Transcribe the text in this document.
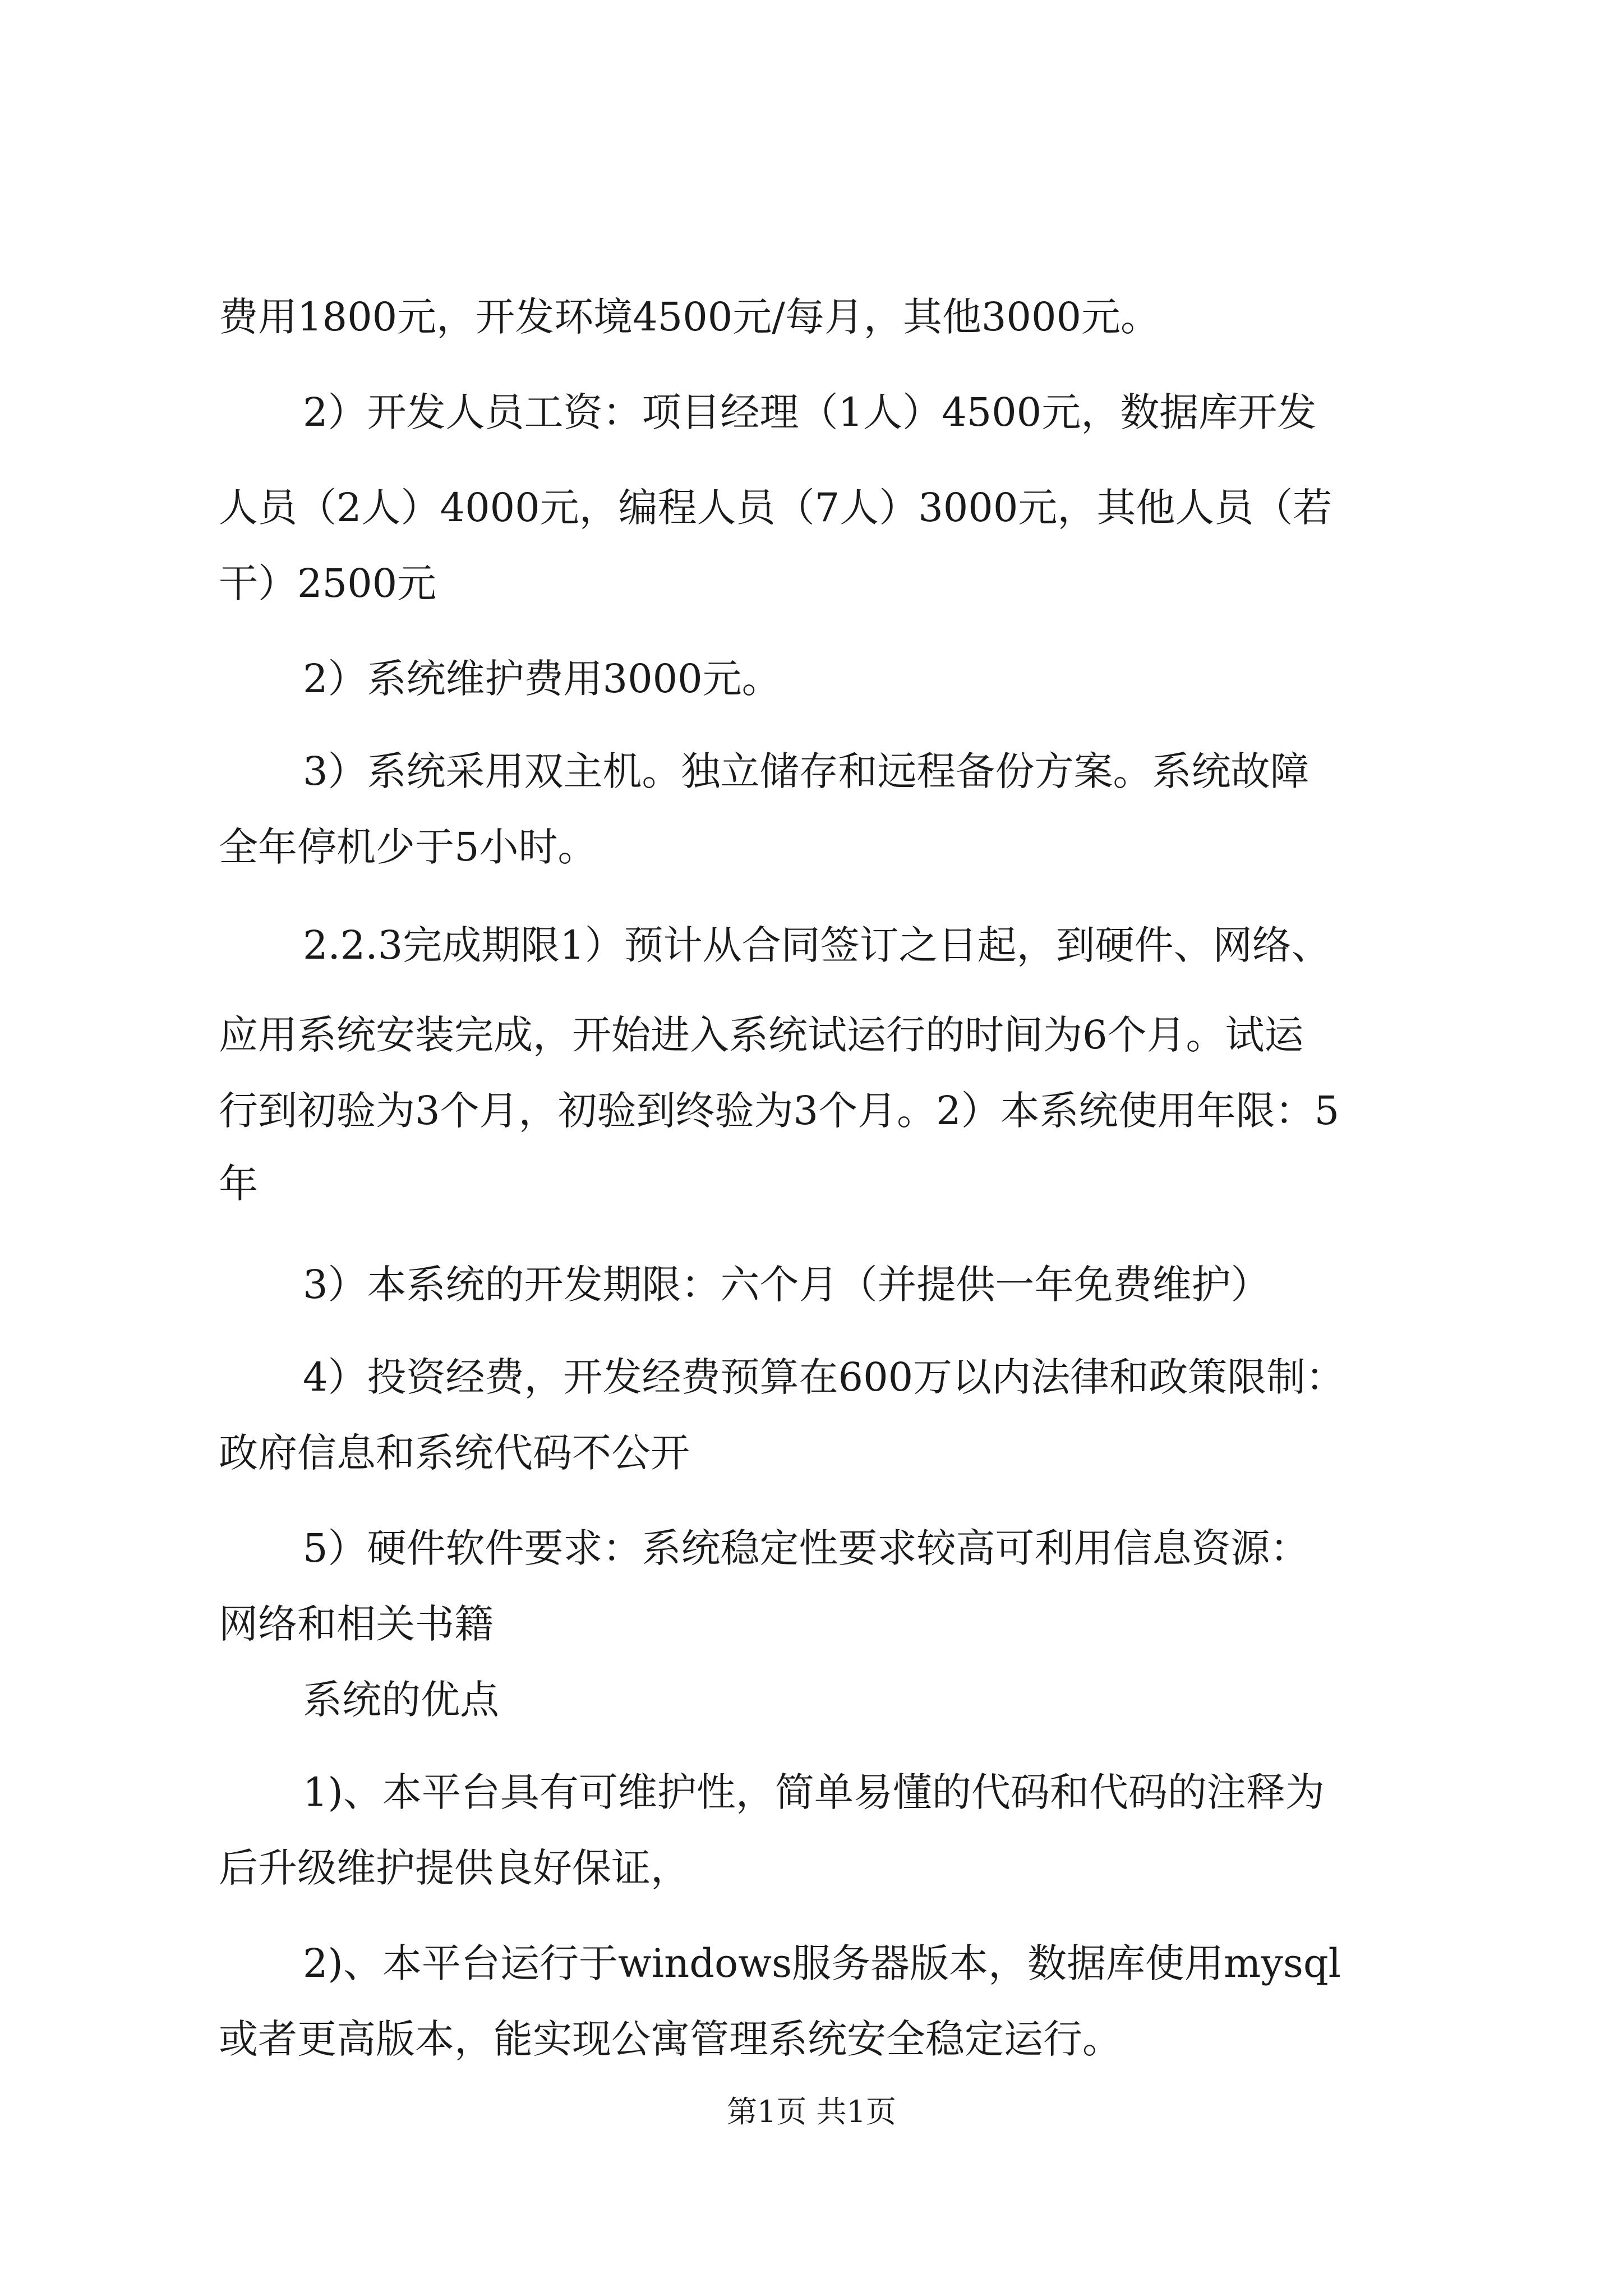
费用1800元，开发环境4500元/每月，其他3000元。

2）开发人员工资：项目经理（1人）4500元，数据库开发

人员（2人）4000元，编程人员（7人）3000元，其他人员（若

干）2500元

2）系统维护费用3000元。

3）系统采用双主机。独立储存和远程备份方案。系统故障

全年停机少于5小时。

2.2.3完成期限1）预计从合同签订之日起，到硬件、网络、

应用系统安装完成，开始进入系统试运行的时间为6个月。试运

行到初验为3个月，初验到终验为3个月。2）本系统使用年限：5

年

3）本系统的开发期限：六个月（并提供一年免费维护）

4）投资经费，开发经费预算在600万以内法律和政策限制：

政府信息和系统代码不公开

5）硬件软件要求：系统稳定性要求较高可利用信息资源：

网络和相关书籍

系统的优点

1)、本平台具有可维护性，简单易懂的代码和代码的注释为

后升级维护提供良好保证，

2)、本平台运行于windows服务器版本，数据库使用mysql

或者更高版本，能实现公寓管理系统安全稳定运行。

第1页 共1页
